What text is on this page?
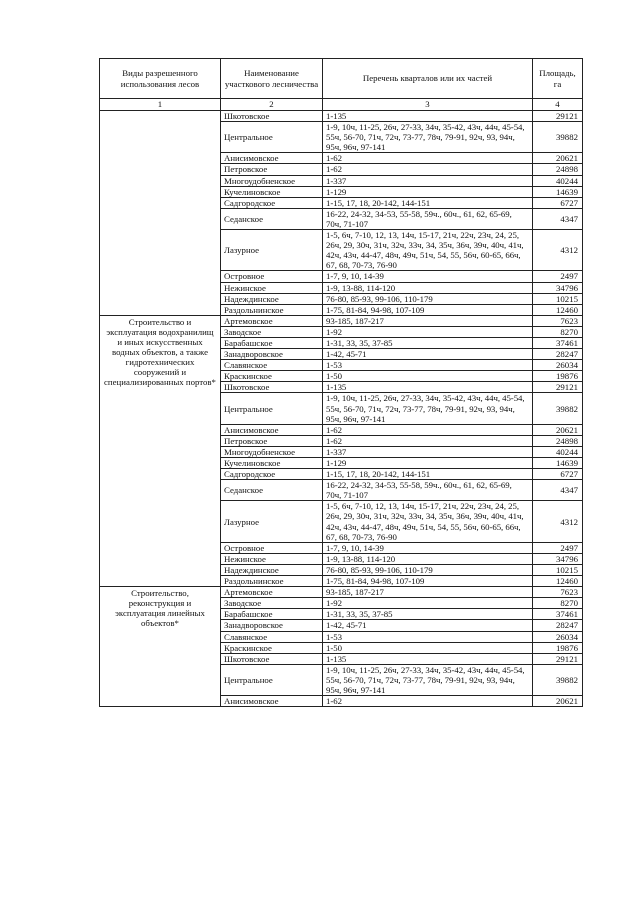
Виды разрешенного использования лесов	Наименование участкового лесничества	Перечень кварталов или их частей	Площадь, га
1	2	3	4
	Шкотовское	1-135	29121
	Центральное	1-9, 10ч, 11-25, 26ч, 27-33, 34ч, 35-42, 43ч, 44ч, 45-54, 55ч, 56-70, 71ч, 72ч, 73-77, 78ч, 79-91, 92ч, 93, 94ч, 95ч, 96ч, 97-141	39882
	Анисимовское	1-62	20621
	Петровское	1-62	24898
	Многоудобненское	1-337	40244
	Кучелиновское	1-129	14639
	Садгородское	1-15, 17, 18, 20-142, 144-151	6727
	Седанское	16-22, 24-32, 34-53, 55-58, 59ч., 60ч., 61, 62, 65-69, 70ч, 71-107	4347
	Лазурное	1-5, 6ч, 7-10, 12, 13, 14ч, 15-17, 21ч, 22ч, 23ч, 24, 25, 26ч, 29, 30ч, 31ч, 32ч, 33ч, 34, 35ч, 36ч, 39ч, 40ч, 41ч, 42ч, 43ч, 44-47, 48ч, 49ч, 51ч, 54, 55, 56ч, 60-65, 66ч, 67, 68, 70-73, 76-90	4312
	Островное	1-7, 9, 10, 14-39	2497
	Нежинское	1-9, 13-88, 114-120	34796
	Надеждинское	76-80, 85-93, 99-106, 110-179	10215
	Раздольнинское	1-75, 81-84, 94-98, 107-109	12460
Строительство и эксплуатация водохранилищ и иных искусственных водных объектов, а также гидротехнических сооружений и специализированных портов*	Артемовское	93-185, 187-217	7623
	Заводское	1-92	8270
	Барабашское	1-31, 33, 35, 37-85	37461
	Занадворовское	1-42, 45-71	28247
	Славянское	1-53	26034
	Краскинское	1-50	19876
	Шкотовское	1-135	29121
	Центральное	1-9, 10ч, 11-25, 26ч, 27-33, 34ч, 35-42, 43ч, 44ч, 45-54, 55ч, 56-70, 71ч, 72ч, 73-77, 78ч, 79-91, 92ч, 93, 94ч, 95ч, 96ч, 97-141	39882
	Анисимовское	1-62	20621
	Петровское	1-62	24898
	Многоудобненское	1-337	40244
	Кучелиновское	1-129	14639
	Садгородское	1-15, 17, 18, 20-142, 144-151	6727
	Седанское	16-22, 24-32, 34-53, 55-58, 59ч., 60ч., 61, 62, 65-69, 70ч, 71-107	4347
	Лазурное	1-5, 6ч, 7-10, 12, 13, 14ч, 15-17, 21ч, 22ч, 23ч, 24, 25, 26ч, 29, 30ч, 31ч, 32ч, 33ч, 34, 35ч, 36ч, 39ч, 40ч, 41ч, 42ч, 43ч, 44-47, 48ч, 49ч, 51ч, 54, 55, 56ч, 60-65, 66ч, 67, 68, 70-73, 76-90	4312
	Островное	1-7, 9, 10, 14-39	2497
	Нежинское	1-9, 13-88, 114-120	34796
	Надеждинское	76-80, 85-93, 99-106, 110-179	10215
	Раздольнинское	1-75, 81-84, 94-98, 107-109	12460
Строительство, реконструкция и эксплуатация линейных объектов*	Артемовское	93-185, 187-217	7623
	Заводское	1-92	8270
	Барабашское	1-31, 33, 35, 37-85	37461
	Занадворовское	1-42, 45-71	28247
	Славянское	1-53	26034
	Краскинское	1-50	19876
	Шкотовское	1-135	29121
	Центральное	1-9, 10ч, 11-25, 26ч, 27-33, 34ч, 35-42, 43ч, 44ч, 45-54, 55ч, 56-70, 71ч, 72ч, 73-77, 78ч, 79-91, 92ч, 93, 94ч, 95ч, 96ч, 97-141	39882
	Анисимовское	1-62	20621
